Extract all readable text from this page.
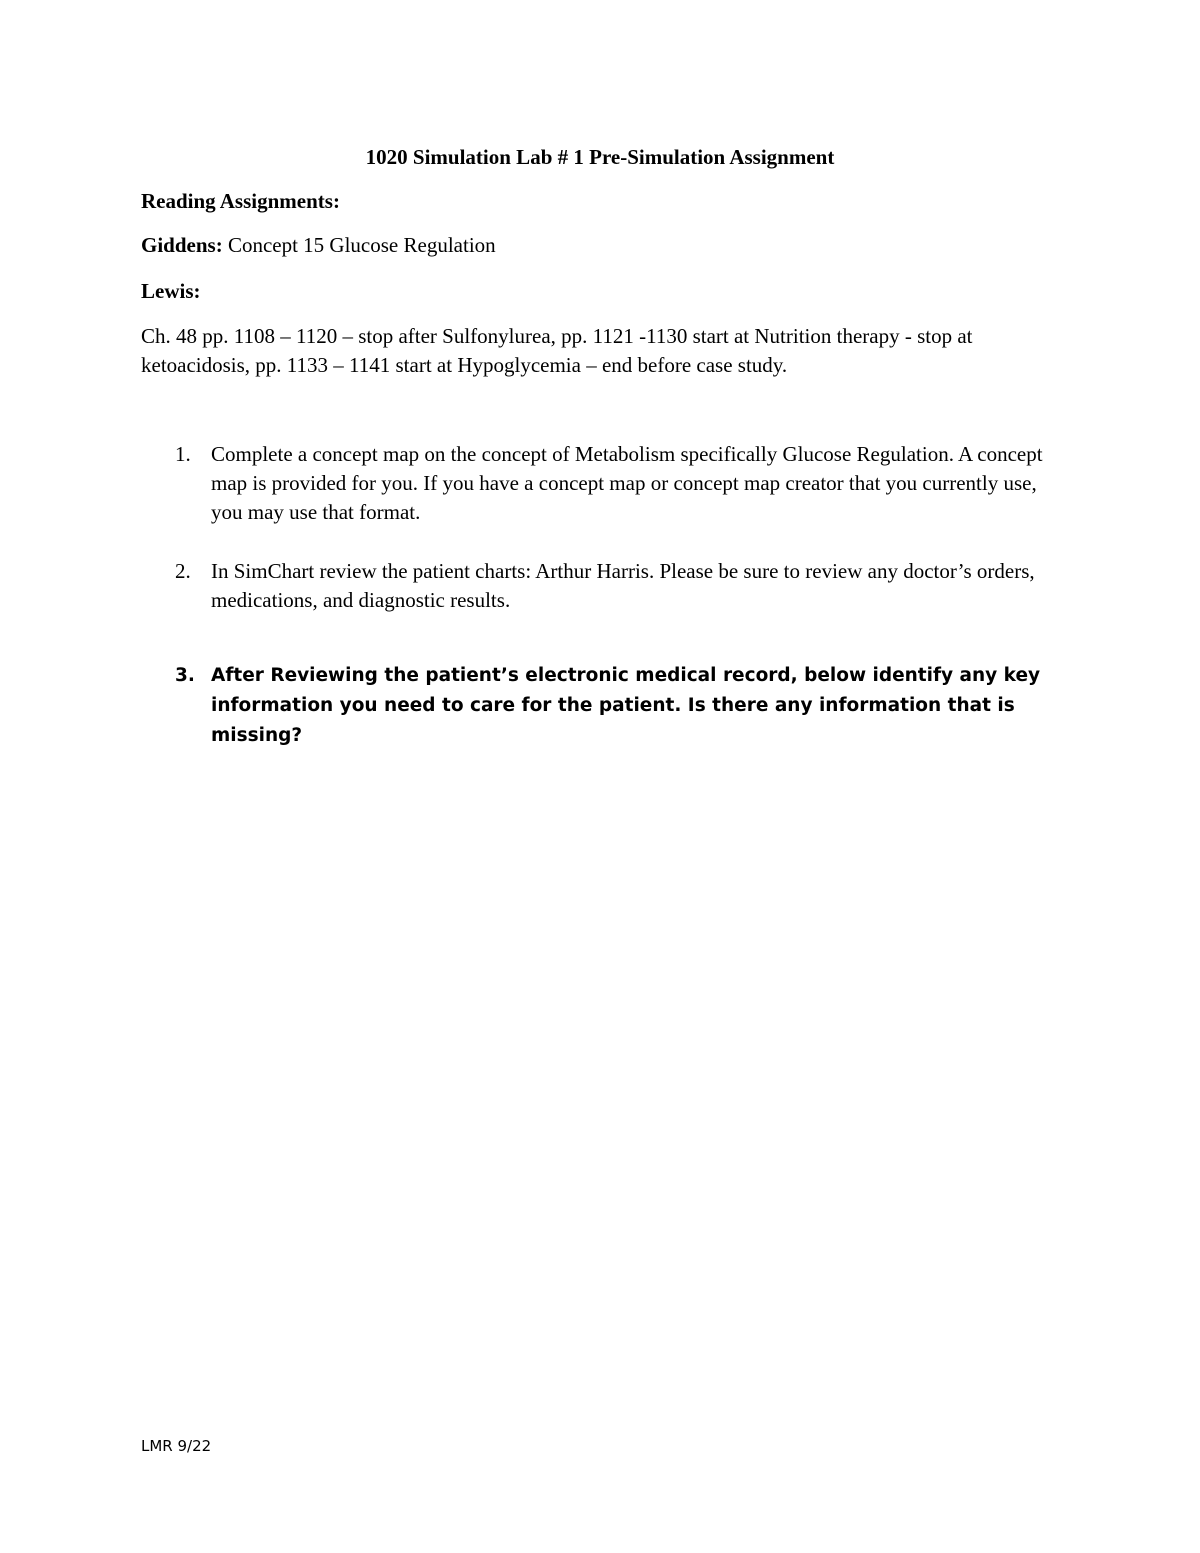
1020 Simulation Lab # 1 Pre-Simulation Assignment

Reading Assignments:

Giddens: Concept 15 Glucose Regulation

Lewis:

Ch. 48 pp. 1108 – 1120 – stop after Sulfonylurea, pp. 1121 -1130 start at Nutrition therapy - stop at ketoacidosis, pp. 1133 – 1141 start at Hypoglycemia – end before case study.

1. Complete a concept map on the concept of Metabolism specifically Glucose Regulation. A concept map is provided for you. If you have a concept map or concept map creator that you currently use, you may use that format.
2. In SimChart review the patient charts: Arthur Harris. Please be sure to review any doctor’s orders, medications, and diagnostic results.
3. After Reviewing the patient’s electronic medical record, below identify any key information you need to care for the patient. Is there any information that is missing?

LMR 9/22
